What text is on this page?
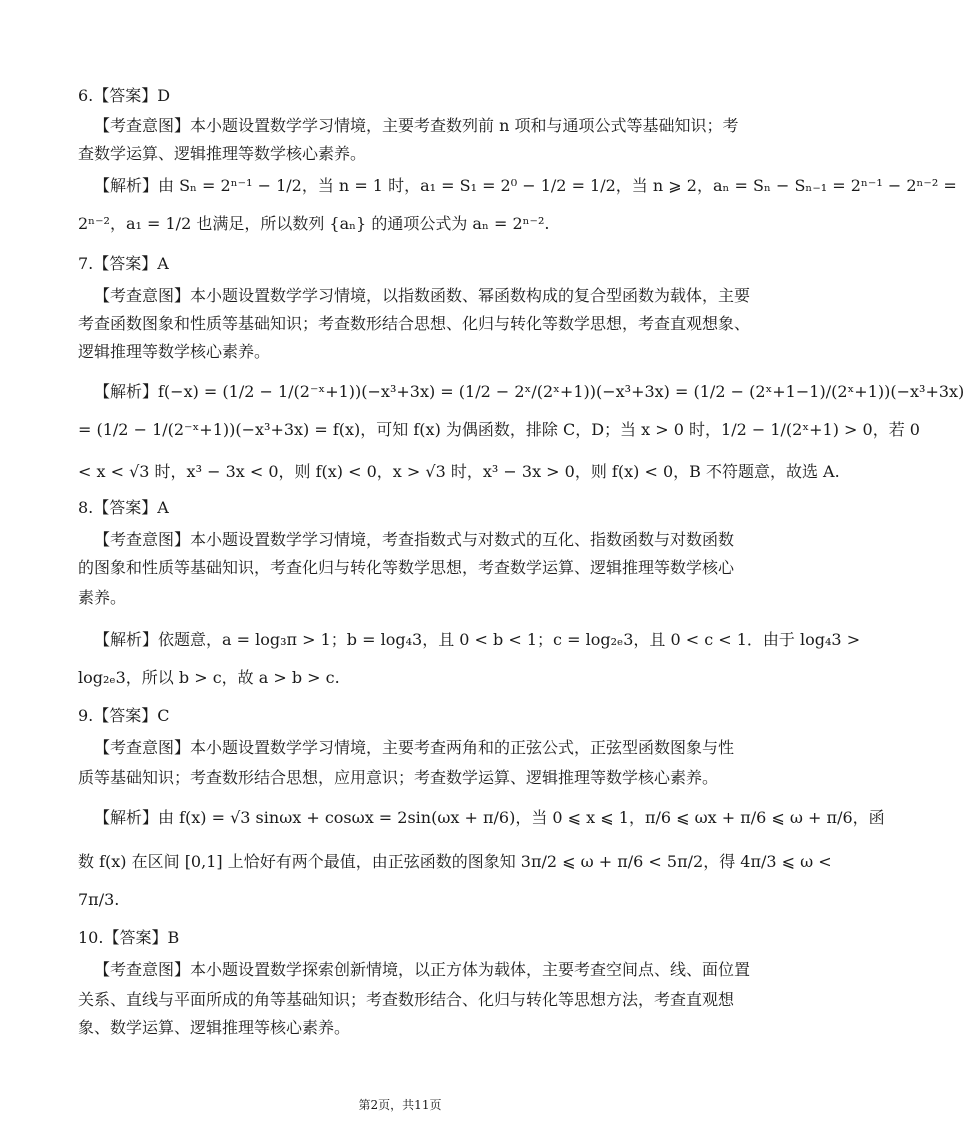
6.【答案】D
【考查意图】本小题设置数学学习情境，主要考查数列前 n 项和与通项公式等基础知识；考
查数学运算、逻辑推理等数学核心素养。
【解析】由 Sₙ = 2ⁿ⁻¹ − 1/2，当 n = 1 时，a₁ = S₁ = 2⁰ − 1/2 = 1/2，当 n ⩾ 2，aₙ = Sₙ − Sₙ₋₁ = 2ⁿ⁻¹ − 2ⁿ⁻² =
2ⁿ⁻²，a₁ = 1/2 也满足，所以数列 {aₙ} 的通项公式为 aₙ = 2ⁿ⁻².
7.【答案】A
【考查意图】本小题设置数学学习情境，以指数函数、幂函数构成的复合型函数为载体，主要
考查函数图象和性质等基础知识；考查数形结合思想、化归与转化等数学思想，考查直观想象、
逻辑推理等数学核心素养。
【解析】f(−x) = (1/2 − 1/(2⁻ˣ+1))(−x³+3x) = (1/2 − 2ˣ/(2ˣ+1))(−x³+3x) = (1/2 − (2ˣ+1−1)/(2ˣ+1))(−x³+3x)
= (1/2 − 1/(2⁻ˣ+1))(−x³+3x) = f(x)，可知 f(x) 为偶函数，排除 C，D；当 x > 0 时，1/2 − 1/(2ˣ+1) > 0，若 0
< x < √3 时，x³ − 3x < 0，则 f(x) < 0，x > √3 时，x³ − 3x > 0，则 f(x) < 0，B 不符题意，故选 A.
8.【答案】A
【考查意图】本小题设置数学学习情境，考查指数式与对数式的互化、指数函数与对数函数
的图象和性质等基础知识，考查化归与转化等数学思想，考查数学运算、逻辑推理等数学核心
素养。
【解析】依题意，a = log₃π > 1；b = log₄3，且 0 < b < 1；c = log₂ₑ3，且 0 < c < 1．由于 log₄3 >
log₂ₑ3，所以 b > c，故 a > b > c.
9.【答案】C
【考查意图】本小题设置数学学习情境，主要考查两角和的正弦公式，正弦型函数图象与性
质等基础知识；考查数形结合思想，应用意识；考查数学运算、逻辑推理等数学核心素养。
【解析】由 f(x) = √3 sinωx + cosωx = 2sin(ωx + π/6)，当 0 ⩽ x ⩽ 1，π/6 ⩽ ωx + π/6 ⩽ ω + π/6，函
数 f(x) 在区间 [0,1] 上恰好有两个最值，由正弦函数的图象知 3π/2 ⩽ ω + π/6 < 5π/2，得 4π/3 ⩽ ω <
7π/3.
10.【答案】B
【考查意图】本小题设置数学探索创新情境，以正方体为载体，主要考查空间点、线、面位置
关系、直线与平面所成的角等基础知识；考查数形结合、化归与转化等思想方法，考查直观想
象、数学运算、逻辑推理等核心素养。
第2页，共11页
